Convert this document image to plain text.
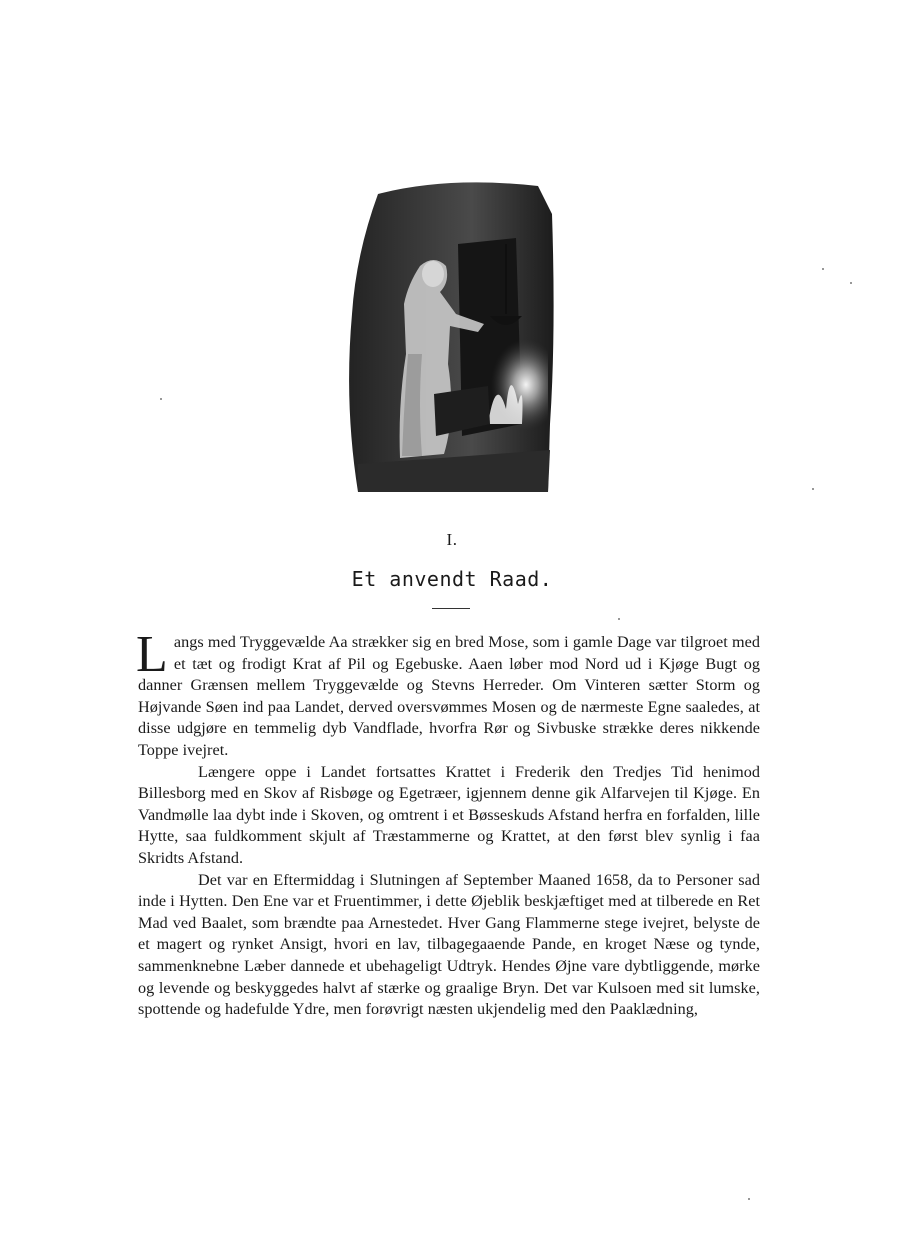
I.
Et anvendt Raad.

Langs med Tryggevælde Aa strækker sig en bred Mose, som i gamle Dage var tilgroet med et tæt og frodigt Krat af Pil og Egebuske. Aaen løber mod Nord ud i Kjøge Bugt og danner Grænsen mellem Tryggevælde og Stevns Herreder. Om Vinteren sætter Storm og Højvande Søen ind paa Landet, derved oversvømmes Mosen og de nærmeste Egne saaledes, at disse udgjøre en temmelig dyb Vandflade, hvorfra Rør og Sivbuske strække deres nikkende Toppe ivejret.

Længere oppe i Landet fortsattes Krattet i Frederik den Tredjes Tid henimod Billesborg med en Skov af Risbøge og Egetræer, igjennem denne gik Alfarvejen til Kjøge. En Vandmølle laa dybt inde i Skoven, og omtrent i et Bøsseskuds Afstand herfra en forfalden, lille Hytte, saa fuldkomment skjult af Træstammerne og Krattet, at den først blev synlig i faa Skridts Afstand.

Det var en Eftermiddag i Slutningen af September Maaned 1658, da to Personer sad inde i Hytten. Den Ene var et Fruentimmer, i dette Øjeblik beskjæftiget med at tilberede en Ret Mad ved Baalet, som brændte paa Arnestedet. Hver Gang Flammerne stege ivejret, belyste de et magert og rynket Ansigt, hvori en lav, tilbagegaaende Pande, en kroget Næse og tynde, sammenknebne Læber dannede et ubehageligt Udtryk. Hendes Øjne vare dybtliggende, mørke og levende og beskyggedes halvt af stærke og graalige Bryn. Det var Kulsoen med sit lumske, spottende og hadefulde Ydre, men forøvrigt næsten ukjendelig med den Paaklædning,
